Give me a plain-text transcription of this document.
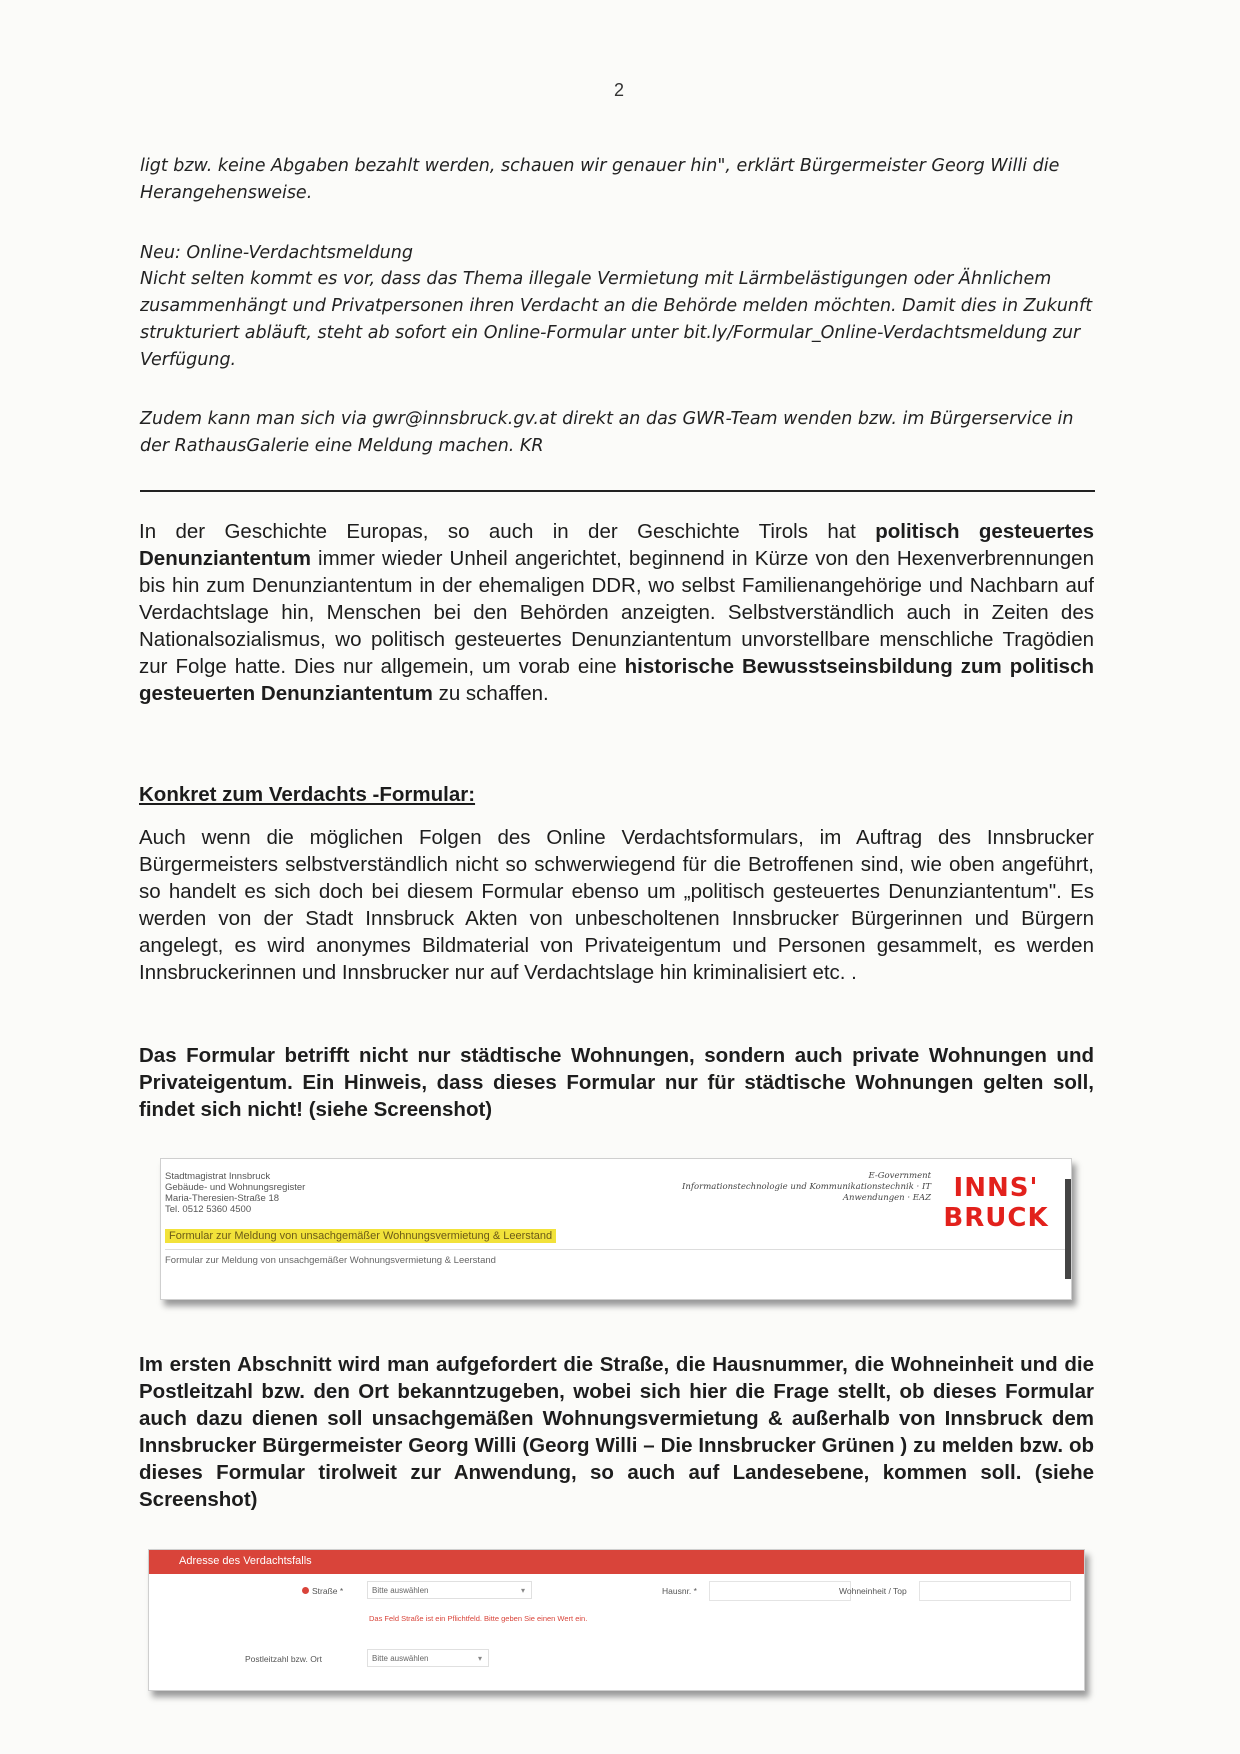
2
ligt bzw. keine Abgaben bezahlt werden, schauen wir genauer hin", erklärt Bürgermeister Georg Willi die Herangehensweise.
Neu: Online-Verdachtsmeldung
Nicht selten kommt es vor, dass das Thema illegale Vermietung mit Lärmbelästigungen oder Ähnlichem zusammenhängt und Privatpersonen ihren Verdacht an die Behörde melden möchten. Damit dies in Zukunft strukturiert abläuft, steht ab sofort ein Online-Formular unter bit.ly/Formular_Online-Verdachtsmeldung zur Verfügung.
Zudem kann man sich via gwr@innsbruck.gv.at direkt an das GWR-Team wenden bzw. im Bürgerservice in der RathausGalerie eine Meldung machen. KR
In der Geschichte Europas, so auch in der Geschichte Tirols hat politisch gesteuertes Denunziantentum immer wieder Unheil angerichtet, beginnend in Kürze von den Hexenverbrennungen bis hin zum Denunziantentum in der ehemaligen DDR, wo selbst Familienangehörige und Nachbarn auf Verdachtslage hin, Menschen bei den Behörden anzeigten. Selbstverständlich auch in Zeiten des Nationalsozialismus, wo politisch gesteuertes Denunziantentum unvorstellbare menschliche Tragödien zur Folge hatte. Dies nur allgemein, um vorab eine historische Bewusstseinsbildung zum politisch gesteuerten Denunziantentum zu schaffen.
Konkret zum Verdachts -Formular:
Auch wenn die möglichen Folgen des Online Verdachtsformulars, im Auftrag des Innsbrucker Bürgermeisters selbstverständlich nicht so schwerwiegend für die Betroffenen sind, wie oben angeführt, so handelt es sich doch bei diesem Formular ebenso um „politisch gesteuertes Denunziantentum". Es werden von der Stadt Innsbruck Akten von unbescholtenen Innsbrucker Bürgerinnen und Bürgern angelegt, es wird anonymes Bildmaterial von Privateigentum und Personen gesammelt, es werden Innsbruckerinnen und Innsbrucker nur auf Verdachtslage hin kriminalisiert etc. .
Das Formular betrifft nicht nur städtische Wohnungen, sondern auch private Wohnungen und Privateigentum. Ein Hinweis, dass dieses Formular nur für städtische Wohnungen gelten soll, findet sich nicht! (siehe Screenshot)
Stadtmagistrat Innsbruck
Gebäude- und Wohnungsregister
Maria-Theresien-Straße 18
Tel. 0512 5360 4500
E-Government
Informationstechnologie und Kommunikationstechnik · IT
Anwendungen · EAZ INNS'
BRUCK
Formular zur Meldung von unsachgemäßer Wohnungsvermietung & Leerstand
Formular zur Meldung von unsachgemäßer Wohnungsvermietung & Leerstand
Im ersten Abschnitt wird man aufgefordert die Straße, die Hausnummer, die Wohneinheit und die Postleitzahl bzw. den Ort bekanntzugeben, wobei sich hier die Frage stellt, ob dieses Formular auch dazu dienen soll unsachgemäßen Wohnungsvermietung & außerhalb von Innsbruck dem Innsbrucker Bürgermeister Georg Willi (Georg Willi – Die Innsbrucker Grünen ) zu melden bzw. ob dieses Formular tirolweit zur Anwendung, so auch auf Landesebene, kommen soll. (siehe Screenshot)
Adresse des Verdachtsfalls
Straße *	Bitte auswählen	▾	Hausnr. *	Wohneinheit / Top
Das Feld Straße ist ein Pflichtfeld. Bitte geben Sie einen Wert ein.
Postleitzahl bzw. Ort	Bitte auswählen	▾
